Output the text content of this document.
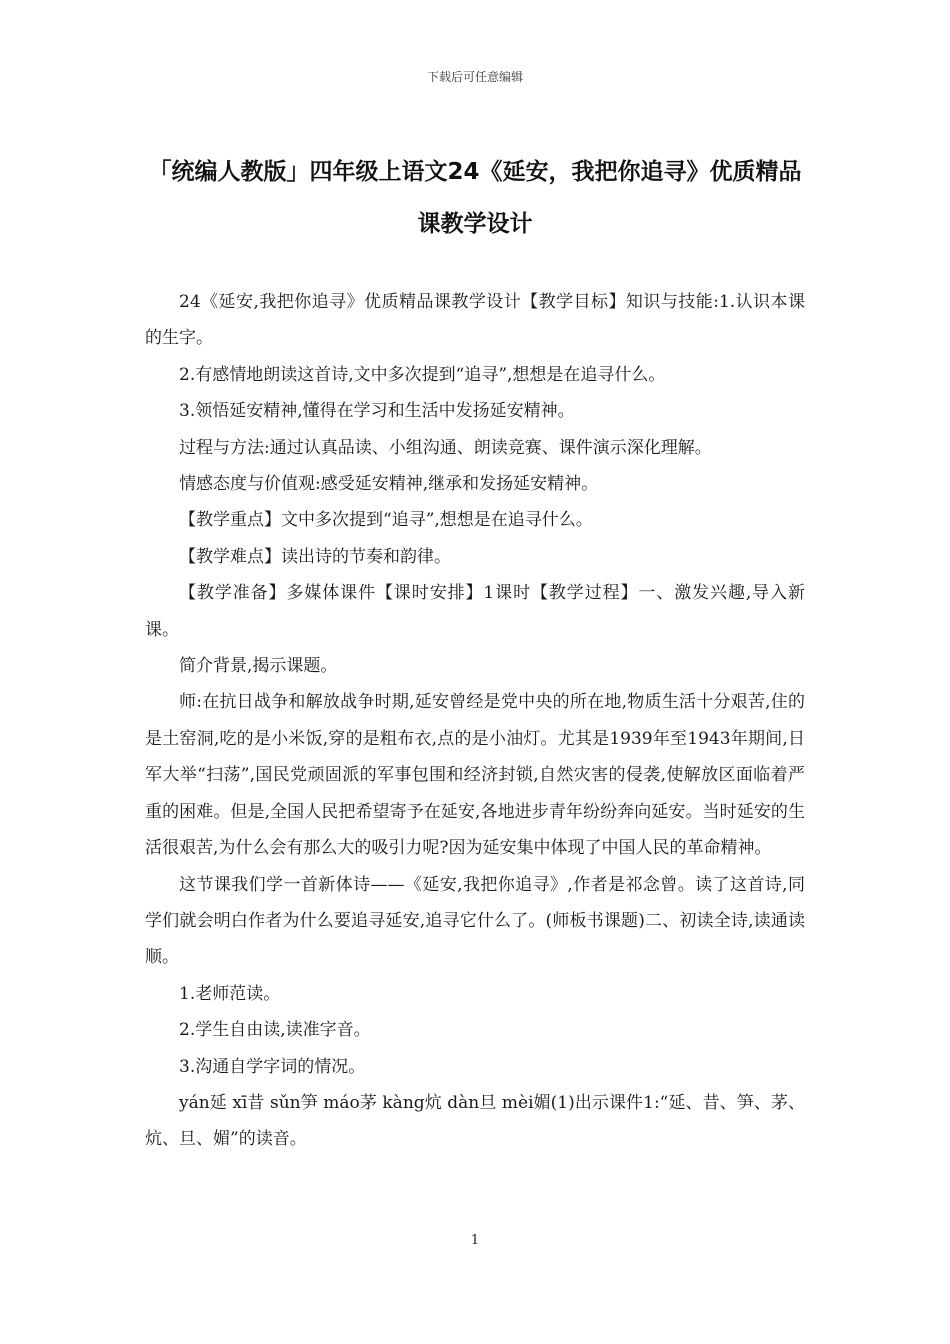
下载后可任意编辑
「统编人教版」四年级上语文24《延安，我把你追寻》优质精品课教学设计

24《延安,我把你追寻》优质精品课教学设计【教学目标】知识与技能:1.认识本课的生字。

2.有感情地朗读这首诗,文中多次提到“追寻”,想想是在追寻什么。

3.领悟延安精神,懂得在学习和生活中发扬延安精神。

过程与方法:通过认真品读、小组沟通、朗读竞赛、课件演示深化理解。

情感态度与价值观:感受延安精神,继承和发扬延安精神。

【教学重点】文中多次提到“追寻”,想想是在追寻什么。

【教学难点】读出诗的节奏和韵律。

【教学准备】多媒体课件【课时安排】1课时【教学过程】一、激发兴趣,导入新课。

简介背景,揭示课题。

师:在抗日战争和解放战争时期,延安曾经是党中央的所在地,物质生活十分艰苦,住的是土窑洞,吃的是小米饭,穿的是粗布衣,点的是小油灯。尤其是1939年至1943年期间,日军大举“扫荡”,国民党顽固派的军事包围和经济封锁,自然灾害的侵袭,使解放区面临着严重的困难。但是,全国人民把希望寄予在延安,各地进步青年纷纷奔向延安。当时延安的生活很艰苦,为什么会有那么大的吸引力呢?因为延安集中体现了中国人民的革命精神。

这节课我们学一首新体诗——《延安,我把你追寻》,作者是祁念曾。读了这首诗,同学们就会明白作者为什么要追寻延安,追寻它什么了。(师板书课题)二、初读全诗,读通读顺。

1.老师范读。

2.学生自由读,读准字音。

3.沟通自学字词的情况。

yán延 xī昔 sǔn笋 máo茅 kàng炕 dàn旦 mèi媚(1)出示课件1:“延、昔、笋、茅、炕、旦、媚”的读音。

1
